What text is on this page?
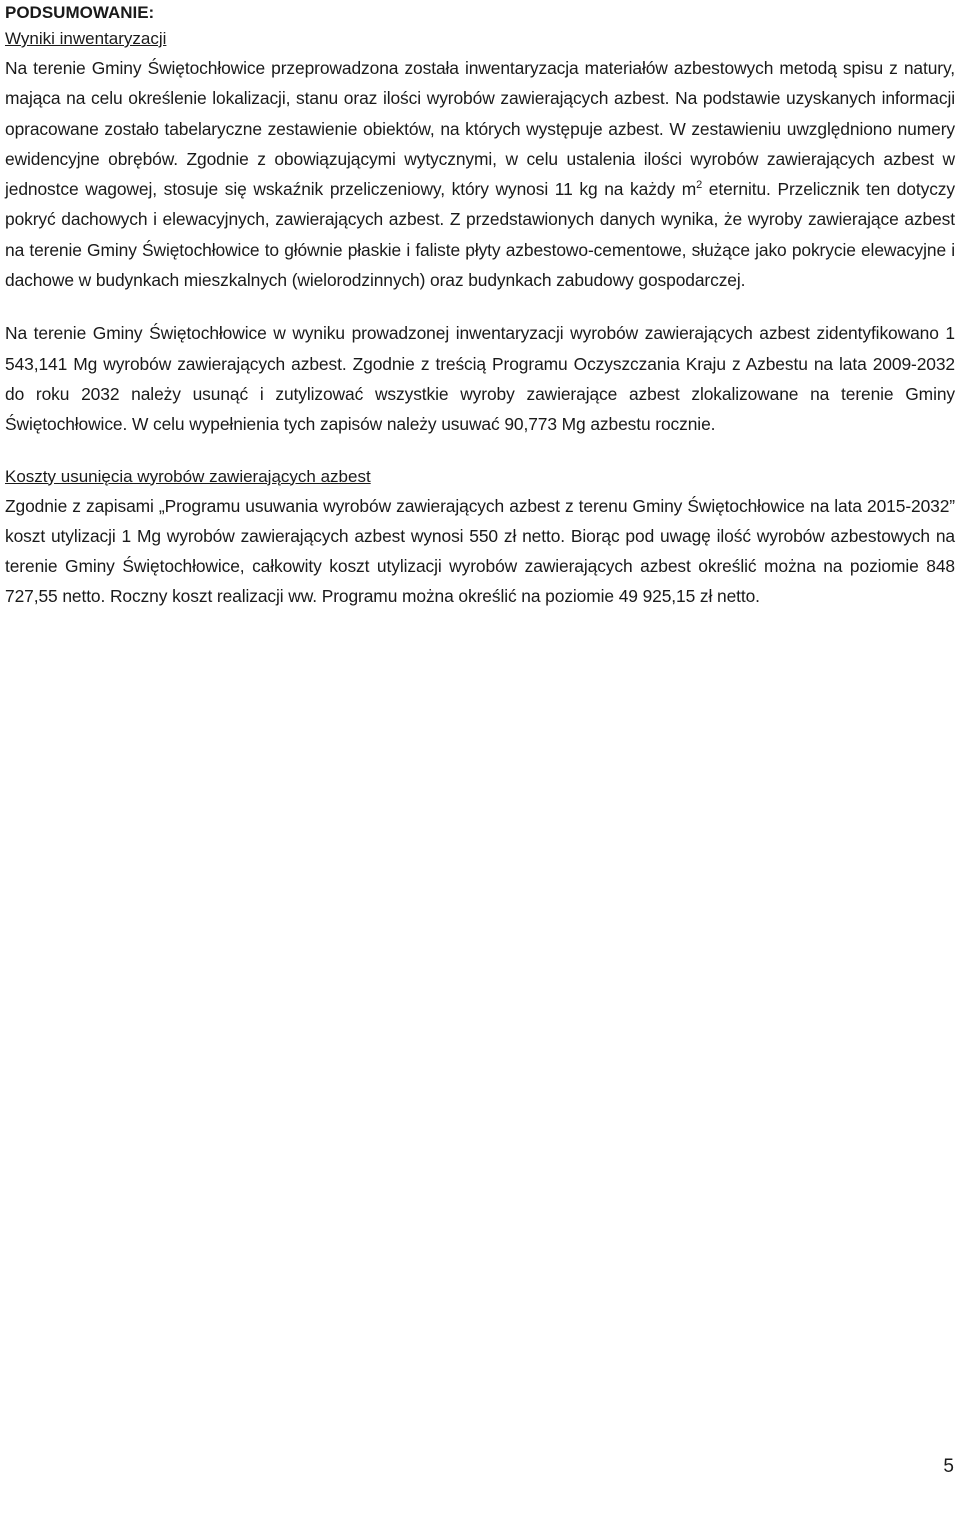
PODSUMOWANIE:

Wyniki inwentaryzacji

Na terenie Gminy Świętochłowice przeprowadzona została inwentaryzacja materiałów azbestowych metodą spisu z natury, mająca na celu określenie lokalizacji, stanu oraz ilości wyrobów zawierających azbest. Na podstawie uzyskanych informacji opracowane zostało tabelaryczne zestawienie obiektów, na których występuje azbest. W zestawieniu uwzględniono numery ewidencyjne obrębów. Zgodnie z obowiązującymi wytycznymi, w celu ustalenia ilości wyrobów zawierających azbest w jednostce wagowej, stosuje się wskaźnik przeliczeniowy, który wynosi 11 kg na każdy $m^2$ eternitu. Przelicznik ten dotyczy pokryć dachowych i elewacyjnych, zawierających azbest. Z przedstawionych danych wynika, że wyroby zawierające azbest na terenie Gminy Świętochłowice to głównie płaskie i faliste płyty azbestowo-cementowe, służące jako pokrycie elewacyjne i dachowe w budynkach mieszkalnych (wielorodzinnych) oraz budynkach zabudowy gospodarczej.

Na terenie Gminy Świętochłowice w wyniku prowadzonej inwentaryzacji wyrobów zawierających azbest zidentyfikowano 1 543,141 Mg wyrobów zawierających azbest. Zgodnie z treścią Programu Oczyszczania Kraju z Azbestu na lata 2009-2032 do roku 2032 należy usunąć i zutylizować wszystkie wyroby zawierające azbest zlokalizowane na terenie Gminy Świętochłowice. W celu wypełnienia tych zapisów należy usuwać 90,773 Mg azbestu rocznie.

Koszty usunięcia wyrobów zawierających azbest

Zgodnie z zapisami „Programu usuwania wyrobów zawierających azbest z terenu Gminy Świętochłowice na lata 2015-2032” koszt utylizacji 1 Mg wyrobów zawierających azbest wynosi 550 zł netto. Biorąc pod uwagę ilość wyrobów azbestowych na terenie Gminy Świętochłowice, całkowity koszt utylizacji wyrobów zawierających azbest określić można na poziomie 848 727,55 netto. Roczny koszt realizacji ww. Programu można określić na poziomie 49 925,15 zł netto.

5
